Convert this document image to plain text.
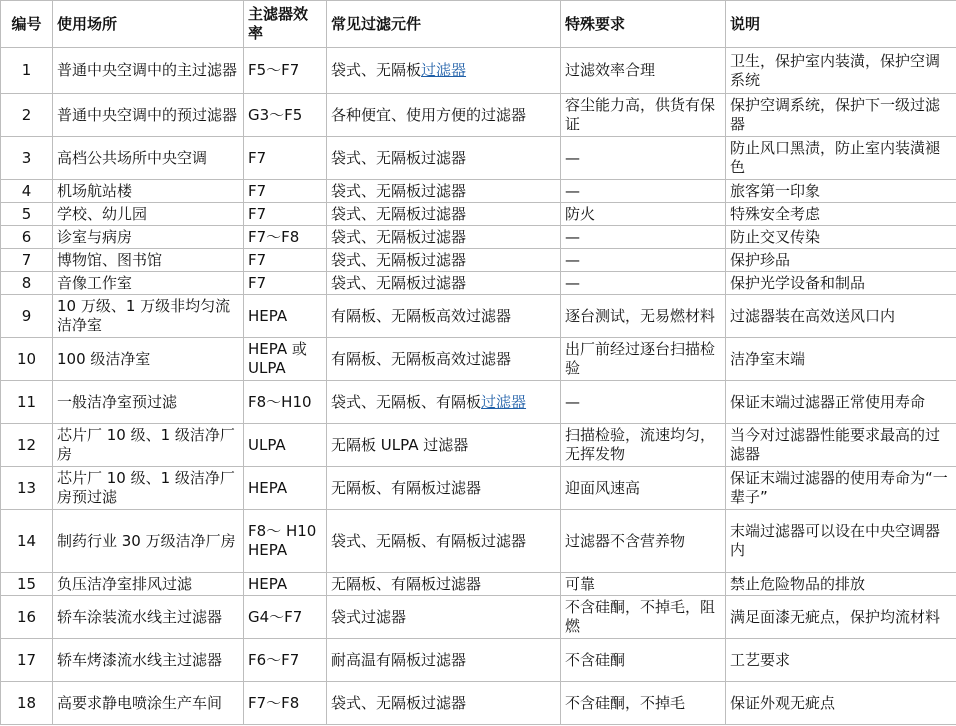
编号	使用场所	主滤器效率	常见过滤元件	特殊要求	说明
1	普通中央空调中的主过滤器	F5～F7	袋式、无隔板过滤器	过滤效率合理	卫生，保护室内装潢，保护空调系统
2	普通中央空调中的预过滤器	G3～F5	各种便宜、使用方便的过滤器	容尘能力高，供货有保证	保护空调系统，保护下一级过滤器
3	高档公共场所中央空调	F7	袋式、无隔板过滤器	—	防止风口黑渍，防止室内装潢褪色
4	机场航站楼	F7	袋式、无隔板过滤器	—	旅客第一印象
5	学校、幼儿园	F7	袋式、无隔板过滤器	防火	特殊安全考虑
6	诊室与病房	F7～F8	袋式、无隔板过滤器	—	防止交叉传染
7	博物馆、图书馆	F7	袋式、无隔板过滤器	—	保护珍品
8	音像工作室	F7	袋式、无隔板过滤器	—	保护光学设备和制品
9	10 万级、1 万级非均匀流洁净室	HEPA	有隔板、无隔板高效过滤器	逐台测试，无易燃材料	过滤器装在高效送风口内
10	100 级洁净室	HEPA 或 ULPA	有隔板、无隔板高效过滤器	出厂前经过逐台扫描检验	洁净室末端
11	一般洁净室预过滤	F8～H10	袋式、无隔板、有隔板过滤器	—	保证末端过滤器正常使用寿命
12	芯片厂 10 级、1 级洁净厂房	ULPA	无隔板 ULPA 过滤器	扫描检验，流速均匀，无挥发物	当今对过滤器性能要求最高的过滤器
13	芯片厂 10 级、1 级洁净厂房预过滤	HEPA	无隔板、有隔板过滤器	迎面风速高	保证末端过滤器的使用寿命为“一辈子”
14	制药行业 30 万级洁净厂房	F8～ H10 HEPA	袋式、无隔板、有隔板过滤器	过滤器不含营养物	末端过滤器可以设在中央空调器内
15	负压洁净室排风过滤	HEPA	无隔板、有隔板过滤器	可靠	禁止危险物品的排放
16	轿车涂装流水线主过滤器	G4～F7	袋式过滤器	不含硅酮，不掉毛，阻燃	满足面漆无疵点，保护均流材料
17	轿车烤漆流水线主过滤器	F6～F7	耐高温有隔板过滤器	不含硅酮	工艺要求
18	高要求静电喷涂生产车间	F7～F8	袋式、无隔板过滤器	不含硅酮，不掉毛	保证外观无疵点
